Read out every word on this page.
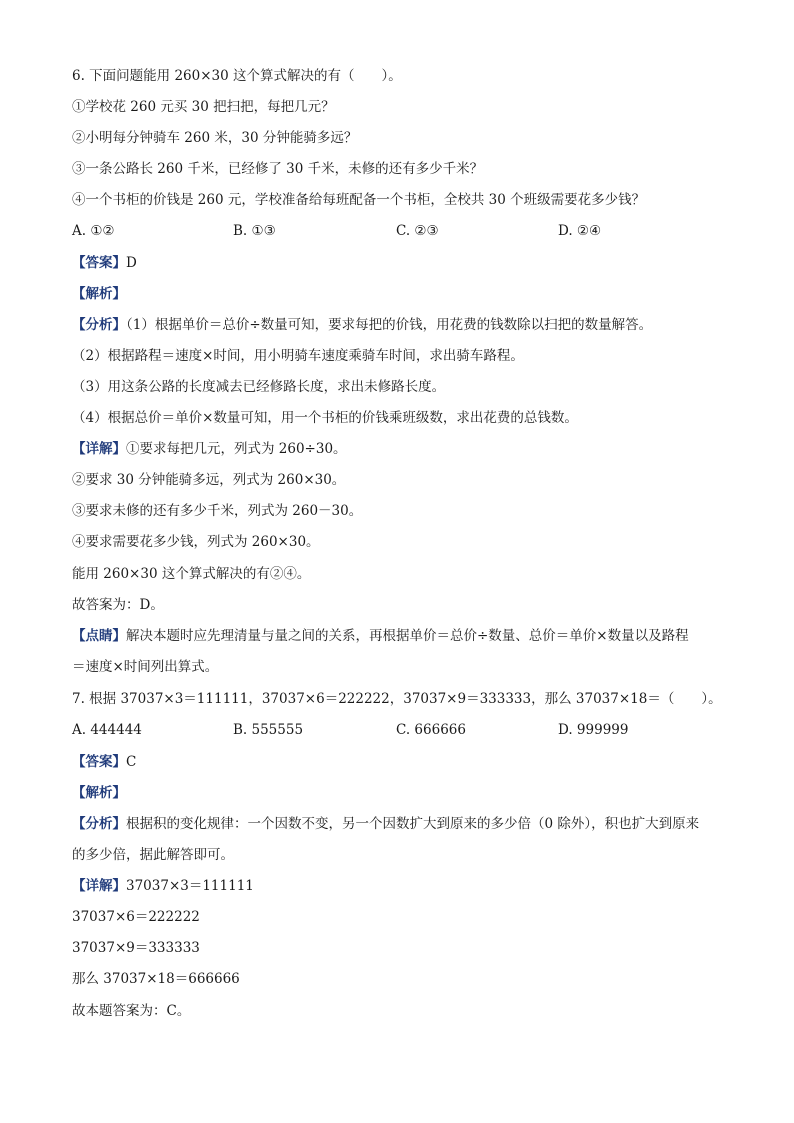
6. 下面问题能用 260×30 这个算式解决的有（　　）。
①学校花 260 元买 30 把扫把，每把几元？
②小明每分钟骑车 260 米，30 分钟能骑多远？
③一条公路长 260 千米，已经修了 30 千米，未修的还有多少千米？
④一个书柜的价钱是 260 元，学校准备给每班配备一个书柜，全校共 30 个班级需要花多少钱？
A. ①②	B. ①③	C. ②③	D. ②④
【答案】D
【解析】
【分析】（1）根据单价＝总价÷数量可知，要求每把的价钱，用花费的钱数除以扫把的数量解答。
（2）根据路程＝速度×时间，用小明骑车速度乘骑车时间，求出骑车路程。
（3）用这条公路的长度减去已经修路长度，求出未修路长度。
（4）根据总价＝单价×数量可知，用一个书柜的价钱乘班级数，求出花费的总钱数。
【详解】①要求每把几元，列式为 260÷30。
②要求 30 分钟能骑多远，列式为 260×30。
③要求未修的还有多少千米，列式为 260－30。
④要求需要花多少钱，列式为 260×30。
能用 260×30 这个算式解决的有②④。
故答案为：D。
【点睛】解决本题时应先理清量与量之间的关系，再根据单价＝总价÷数量、总价＝单价×数量以及路程
＝速度×时间列出算式。
7. 根据 37037×3＝111111，37037×6＝222222，37037×9＝333333，那么 37037×18＝（　　）。
A. 444444	B. 555555	C. 666666	D. 999999
【答案】C
【解析】
【分析】根据积的变化规律：一个因数不变，另一个因数扩大到原来的多少倍（0 除外），积也扩大到原来
的多少倍，据此解答即可。
【详解】37037×3＝111111
37037×6＝222222
37037×9＝333333
那么 37037×18＝666666
故本题答案为：C。
